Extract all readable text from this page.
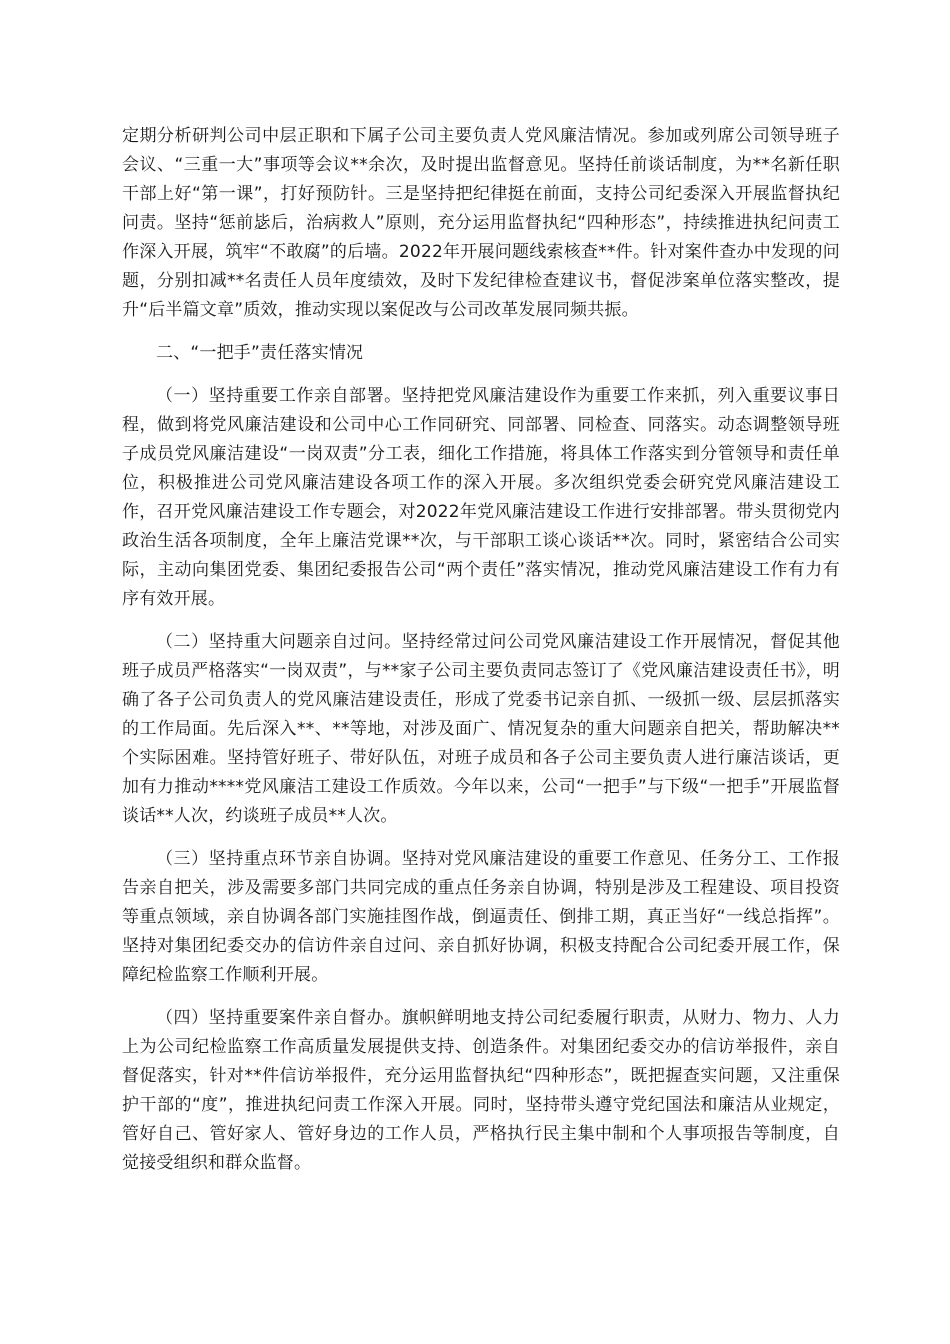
定期分析研判公司中层正职和下属子公司主要负责人党风廉洁情况。参加或列席公司领导班子会议、“三重一大”事项等会议**余次，及时提出监督意见。坚持任前谈话制度，为**名新任职干部上好“第一课”，打好预防针。三是坚持把纪律挺在前面，支持公司纪委深入开展监督执纪问责。坚持“惩前毖后，治病救人”原则，充分运用监督执纪“四种形态”，持续推进执纪问责工作深入开展，筑牢“不敢腐”的后墙。2022年开展问题线索核查**件。针对案件查办中发现的问题，分别扣减**名责任人员年度绩效，及时下发纪律检查建议书，督促涉案单位落实整改，提升“后半篇文章”质效，推动实现以案促改与公司改革发展同频共振。

二、“一把手”责任落实情况

（一）坚持重要工作亲自部署。坚持把党风廉洁建设作为重要工作来抓，列入重要议事日程，做到将党风廉洁建设和公司中心工作同研究、同部署、同检查、同落实。动态调整领导班子成员党风廉洁建设“一岗双责”分工表，细化工作措施，将具体工作落实到分管领导和责任单位，积极推进公司党风廉洁建设各项工作的深入开展。多次组织党委会研究党风廉洁建设工作，召开党风廉洁建设工作专题会，对2022年党风廉洁建设工作进行安排部署。带头贯彻党内政治生活各项制度，全年上廉洁党课**次，与干部职工谈心谈话**次。同时，紧密结合公司实际，主动向集团党委、集团纪委报告公司“两个责任”落实情况，推动党风廉洁建设工作有力有序有效开展。

（二）坚持重大问题亲自过问。坚持经常过问公司党风廉洁建设工作开展情况，督促其他班子成员严格落实“一岗双责”，与**家子公司主要负责同志签订了《党风廉洁建设责任书》，明确了各子公司负责人的党风廉洁建设责任，形成了党委书记亲自抓、一级抓一级、层层抓落实的工作局面。先后深入**、**等地，对涉及面广、情况复杂的重大问题亲自把关，帮助解决**个实际困难。坚持管好班子、带好队伍，对班子成员和各子公司主要负责人进行廉洁谈话，更加有力推动****党风廉洁工建设工作质效。今年以来，公司“一把手”与下级“一把手”开展监督谈话**人次，约谈班子成员**人次。

（三）坚持重点环节亲自协调。坚持对党风廉洁建设的重要工作意见、任务分工、工作报告亲自把关，涉及需要多部门共同完成的重点任务亲自协调，特别是涉及工程建设、项目投资等重点领域，亲自协调各部门实施挂图作战，倒逼责任、倒排工期，真正当好“一线总指挥”。坚持对集团纪委交办的信访件亲自过问、亲自抓好协调，积极支持配合公司纪委开展工作，保障纪检监察工作顺利开展。

（四）坚持重要案件亲自督办。旗帜鲜明地支持公司纪委履行职责，从财力、物力、人力上为公司纪检监察工作高质量发展提供支持、创造条件。对集团纪委交办的信访举报件，亲自督促落实，针对**件信访举报件，充分运用监督执纪“四种形态”，既把握查实问题，又注重保护干部的“度”，推进执纪问责工作深入开展。同时，坚持带头遵守党纪国法和廉洁从业规定，管好自己、管好家人、管好身边的工作人员，严格执行民主集中制和个人事项报告等制度，自觉接受组织和群众监督。
